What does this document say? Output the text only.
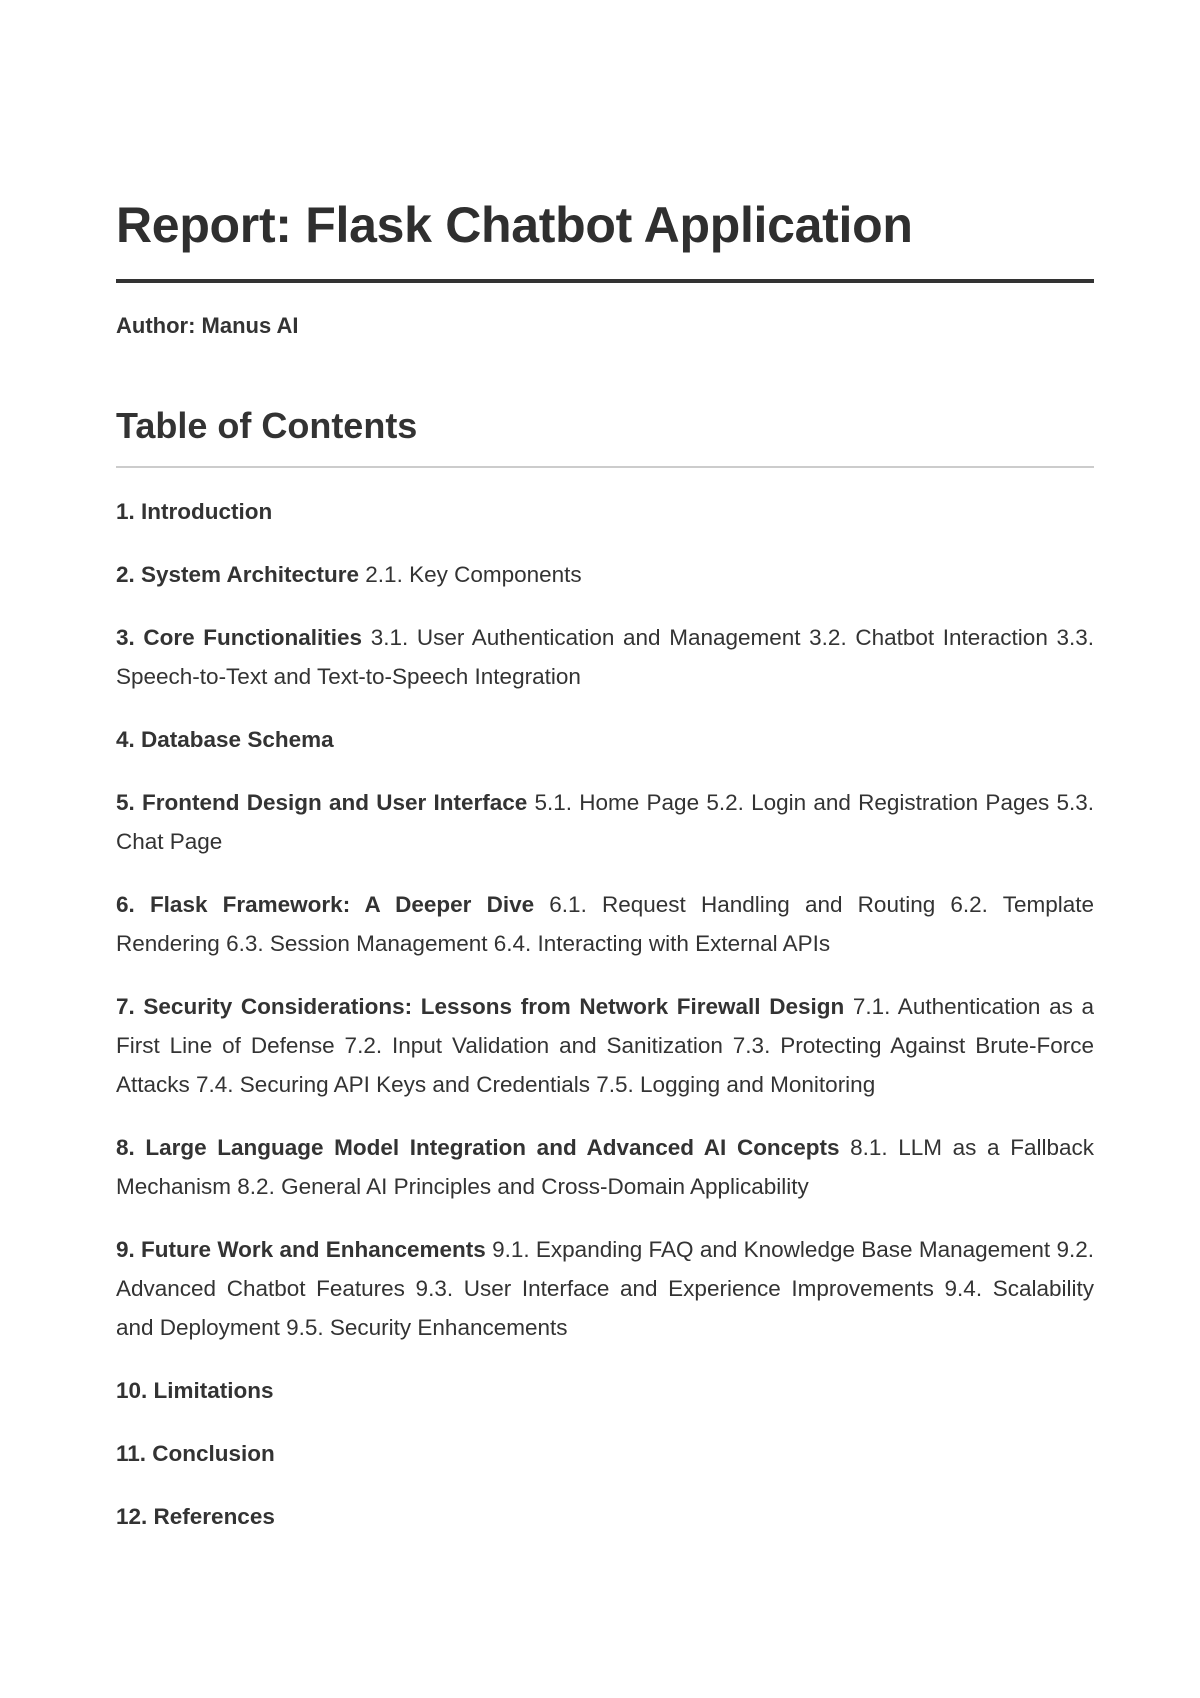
Report: Flask Chatbot Application

Author: Manus AI

Table of Contents

1. Introduction

2. System Architecture 2.1. Key Components

3. Core Functionalities 3.1. User Authentication and Management 3.2. Chatbot Interaction 3.3. Speech-to-Text and Text-to-Speech Integration

4. Database Schema

5. Frontend Design and User Interface 5.1. Home Page 5.2. Login and Registration Pages 5.3. Chat Page

6. Flask Framework: A Deeper Dive 6.1. Request Handling and Routing 6.2. Template Rendering 6.3. Session Management 6.4. Interacting with External APIs

7. Security Considerations: Lessons from Network Firewall Design 7.1. Authentication as a First Line of Defense 7.2. Input Validation and Sanitization 7.3. Protecting Against Brute-Force Attacks 7.4. Securing API Keys and Credentials 7.5. Logging and Monitoring

8. Large Language Model Integration and Advanced AI Concepts 8.1. LLM as a Fallback Mechanism 8.2. General AI Principles and Cross-Domain Applicability

9. Future Work and Enhancements 9.1. Expanding FAQ and Knowledge Base Management 9.2. Advanced Chatbot Features 9.3. User Interface and Experience Improvements 9.4. Scalability and Deployment 9.5. Security Enhancements

10. Limitations

11. Conclusion

12. References
